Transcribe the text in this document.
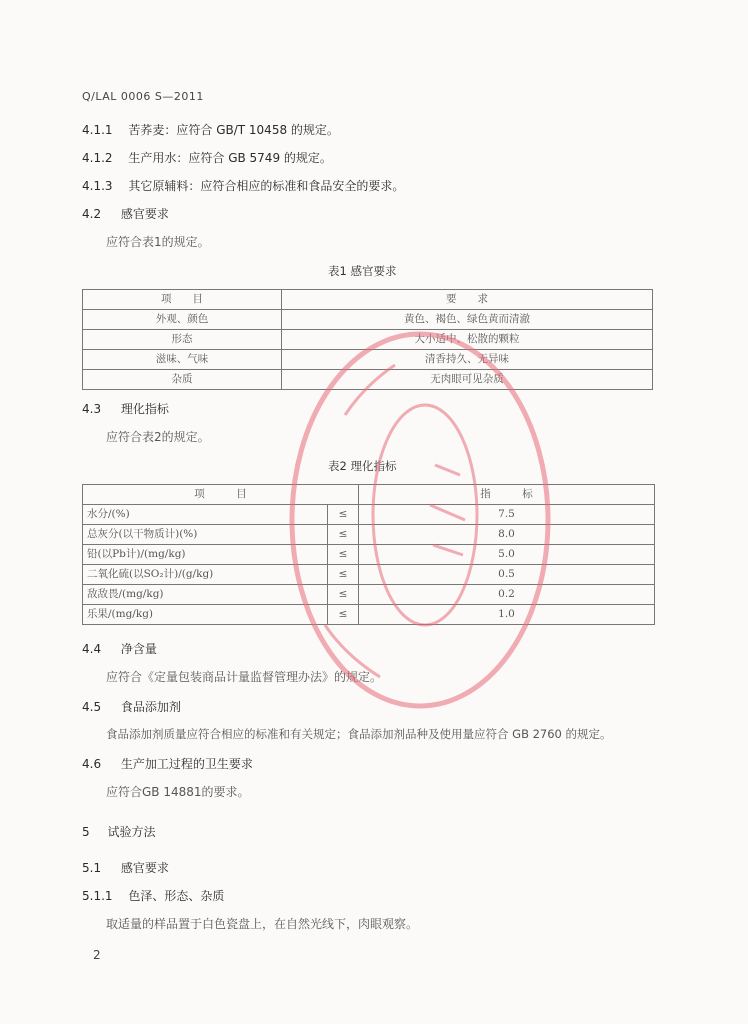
Q/LAL 0006 S—2011
4.1.1 苦荞麦：应符合 GB/T 10458 的规定。
4.1.2 生产用水：应符合 GB 5749 的规定。
4.1.3 其它原辅料：应符合相应的标准和食品安全的要求。
4.2 感官要求
应符合表1的规定。
表1 感官要求
项　　目	要　　求
外观、颜色	黄色、褐色、绿色黄而清澈
形态	大小适中、松散的颗粒
滋味、气味	清香持久、无异味
杂质	无肉眼可见杂质
4.3 理化指标
应符合表2的规定。
表2 理化指标
项　　　目		指　　　标
水分/(%)	≤	7.5
总灰分(以干物质计)(%)	≤	8.0
铅(以Pb计)/(mg/kg)	≤	5.0
二氧化硫(以SO₂计)/(g/kg)	≤	0.5
敌敌畏/(mg/kg)	≤	0.2
乐果/(mg/kg)	≤	1.0
4.4 净含量
应符合《定量包装商品计量监督管理办法》的规定。
4.5 食品添加剂
食品添加剂质量应符合相应的标准和有关规定；食品添加剂品种及使用量应符合 GB 2760 的规定。
4.6 生产加工过程的卫生要求
应符合GB 14881的要求。
5 试验方法
5.1 感官要求
5.1.1 色泽、形态、杂质
取适量的样品置于白色瓷盘上，在自然光线下，肉眼观察。
2
